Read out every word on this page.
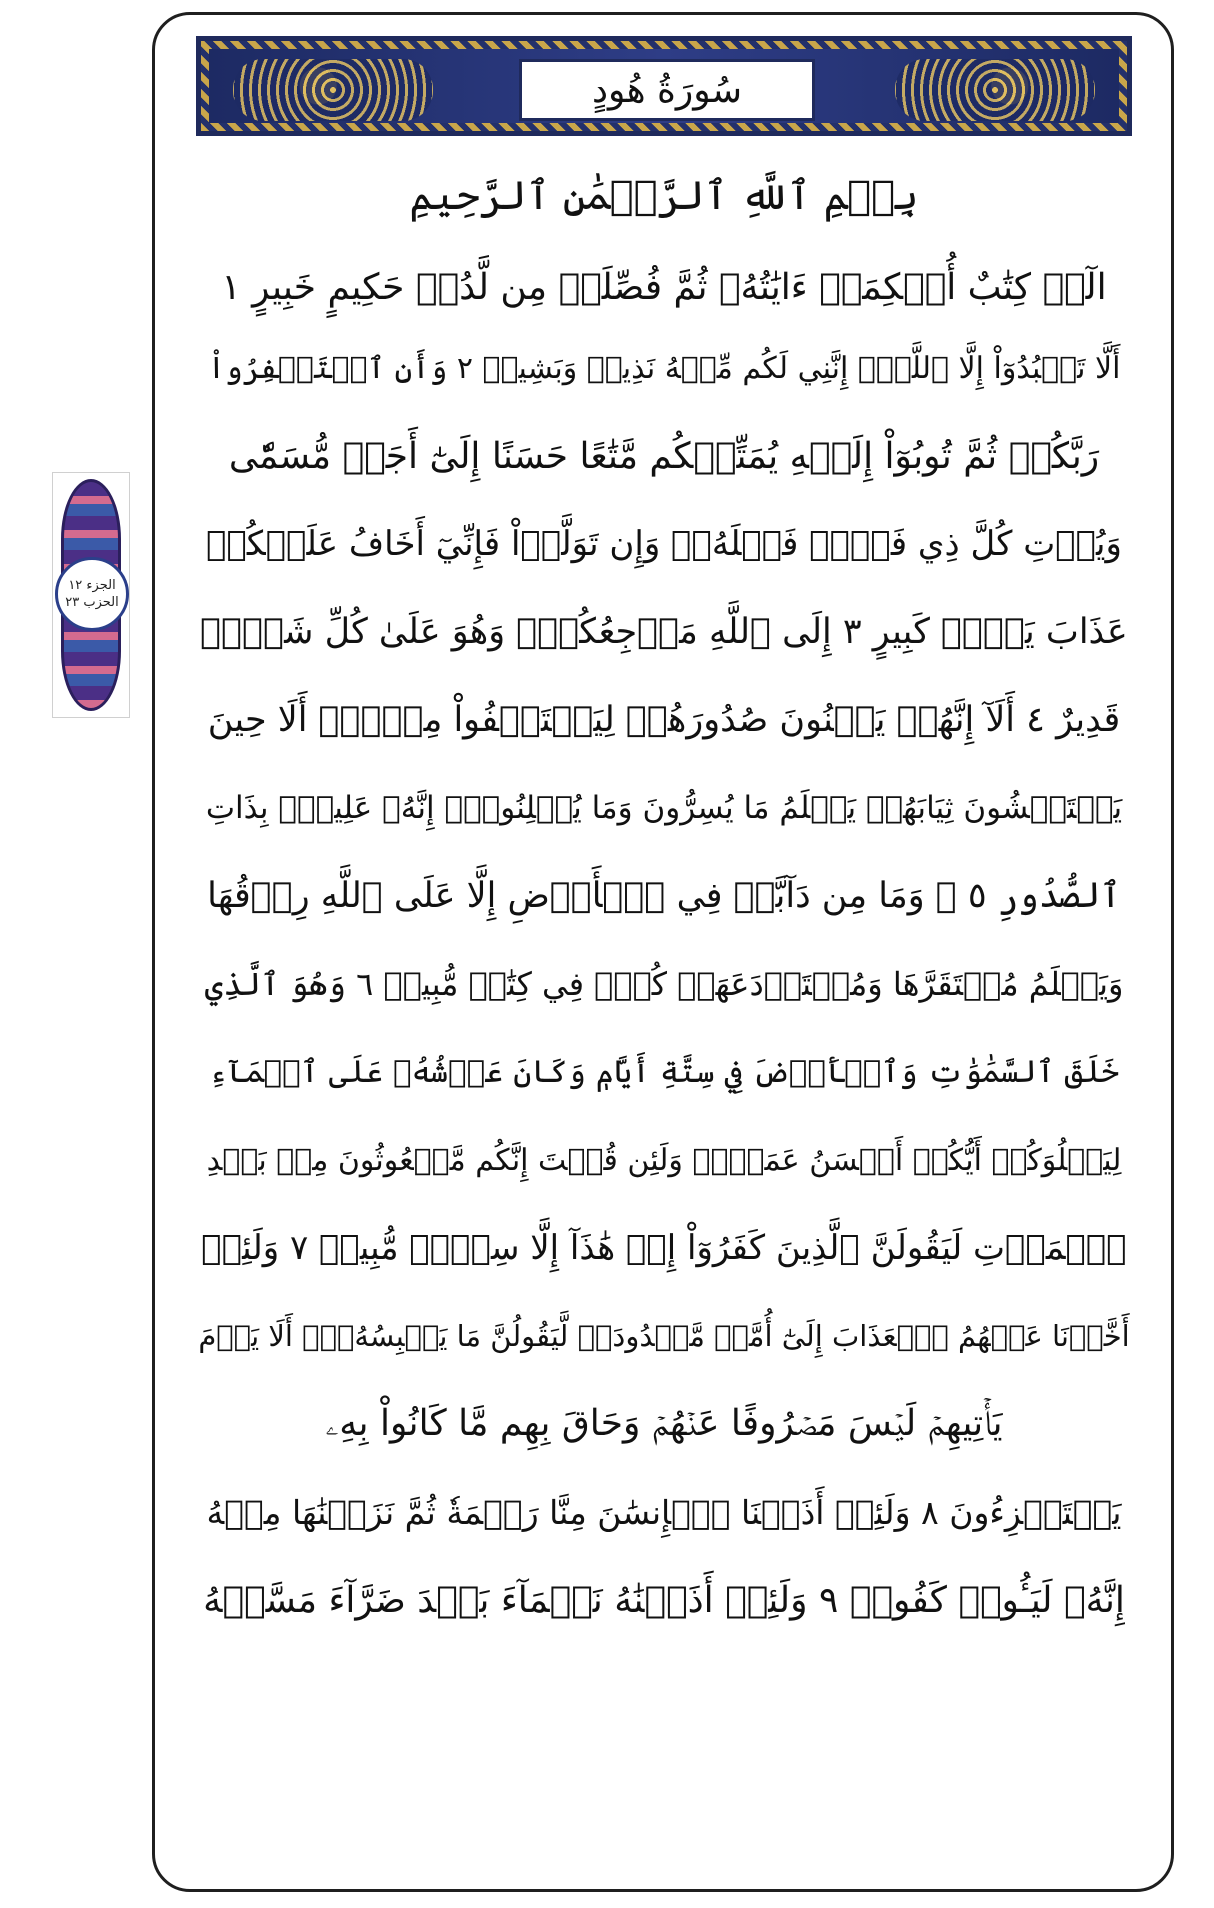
سُورَةُ هُودٍ
الجزء ١٢
الحزب ٢٣
بِسۡمِ ٱللَّهِ ٱلرَّحۡمَٰنِ ٱلرَّحِيمِ
الٓرۚ كِتَٰبٌ أُحۡكِمَتۡ ءَايَٰتُهُۥ ثُمَّ فُصِّلَتۡ مِن لَّدُنۡ حَكِيمٍ خَبِيرٍ ١
أَلَّا تَعۡبُدُوٓاْ إِلَّا ٱللَّهَۚ إِنَّنِي لَكُم مِّنۡهُ نَذِيرٞ وَبَشِيرٞ ٢ وَأَنِ ٱسۡتَغۡفِرُواْ
رَبَّكُمۡ ثُمَّ تُوبُوٓاْ إِلَيۡهِ يُمَتِّعۡكُم مَّتَٰعًا حَسَنًا إِلَىٰٓ أَجَلٖ مُّسَمّٗى
وَيُؤۡتِ كُلَّ ذِي فَضۡلٖ فَضۡلَهُۥۖ وَإِن تَوَلَّوۡاْ فَإِنِّيٓ أَخَافُ عَلَيۡكُمۡ
عَذَابَ يَوۡمٖ كَبِيرٍ ٣ إِلَى ٱللَّهِ مَرۡجِعُكُمۡۖ وَهُوَ عَلَىٰ كُلِّ شَيۡءٖ
قَدِيرٌ ٤ أَلَآ إِنَّهُمۡ يَثۡنُونَ صُدُورَهُمۡ لِيَسۡتَخۡفُواْ مِنۡهُۚ أَلَا حِينَ
يَسۡتَغۡشُونَ ثِيَابَهُمۡ يَعۡلَمُ مَا يُسِرُّونَ وَمَا يُعۡلِنُونَۚ إِنَّهُۥ عَلِيمُۢ بِذَاتِ
ٱلصُّدُورِ ٥ ۞ وَمَا مِن دَآبَّةٖ فِي ٱلۡأَرۡضِ إِلَّا عَلَى ٱللَّهِ رِزۡقُهَا
وَيَعۡلَمُ مُسۡتَقَرَّهَا وَمُسۡتَوۡدَعَهَاۚ كُلّٞ فِي كِتَٰبٖ مُّبِينٖ ٦ وَهُوَ ٱلَّذِي
خَلَقَ ٱلسَّمَٰوَٰتِ وَٱلۡأَرۡضَ فِي سِتَّةِ أَيَّامٖ وَكَانَ عَرۡشُهُۥ عَلَى ٱلۡمَآءِ
لِيَبۡلُوَكُمۡ أَيُّكُمۡ أَحۡسَنُ عَمَلٗاۗ وَلَئِن قُلۡتَ إِنَّكُم مَّبۡعُوثُونَ مِنۢ بَعۡدِ
ٱلۡمَوۡتِ لَيَقُولَنَّ ٱلَّذِينَ كَفَرُوٓاْ إِنۡ هَٰذَآ إِلَّا سِحۡرٞ مُّبِينٞ ٧ وَلَئِنۡ
أَخَّرۡنَا عَنۡهُمُ ٱلۡعَذَابَ إِلَىٰٓ أُمَّةٖ مَّعۡدُودَةٖ لَّيَقُولُنَّ مَا يَحۡبِسُهُۥٓۗ أَلَا يَوۡمَ
يَأۡتِيهِمۡ لَيۡسَ مَصۡرُوفًا عَنۡهُمۡ وَحَاقَ بِهِم مَّا كَانُواْ بِهِۦ
يَسۡتَهۡزِءُونَ ٨ وَلَئِنۡ أَذَقۡنَا ٱلۡإِنسَٰنَ مِنَّا رَحۡمَةٗ ثُمَّ نَزَعۡنَٰهَا مِنۡهُ
إِنَّهُۥ لَيَـُٔوسٞ كَفُورٞ ٩ وَلَئِنۡ أَذَقۡنَٰهُ نَعۡمَآءَ بَعۡدَ ضَرَّآءَ مَسَّتۡهُ
